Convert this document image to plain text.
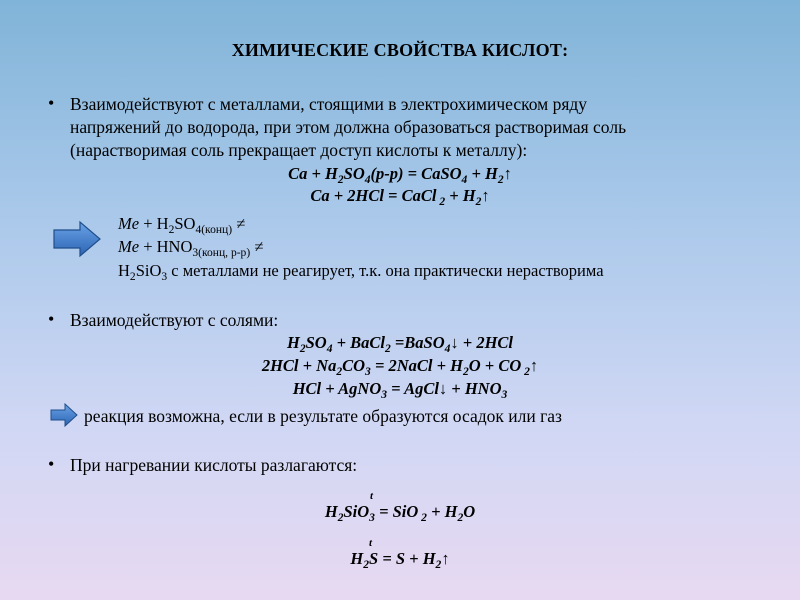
ХИМИЧЕСКИЕ СВОЙСТВА КИСЛОТ:
• Взаимодействуют с металлами, стоящими в электрохимическом ряду
напряжений до водорода, при этом должна образоваться растворимая соль
(нарастворимая соль прекращает доступ кислоты к металлу):
$Ca + H_2SO_4(р-р)$ = CaSO$_4$ + $H_2↑$
Ca + 2HCl = CaCl $_2 + H_2↑$
$Me + H_2SO_{4(конц)}$ ≠
$Me + HNO_{3(конц, р-р)}$ ≠
$H_2SiO_3$ с металлами не реагирует, т.к. она практически нерастворима
• Взаимодействуют с солями:
$H_2SO_4$ + BaCl$_2$ =BaSO$_4$↓ + 2HCl
$2HCl + Na_2CO_3$ = 2NaCl + $H_2O$ + CO $_2$↑
HCl + AgNO$_3$ = AgCl↓ + $HNO_3$
реакция возможна, если в результате образуются осадок или газ
• При нагревании кислоты разлагаются:
t
$H_2SiO_3$ = SiO $_2 + H_2O$
t
$H_2S = S$ + $H_2↑$
